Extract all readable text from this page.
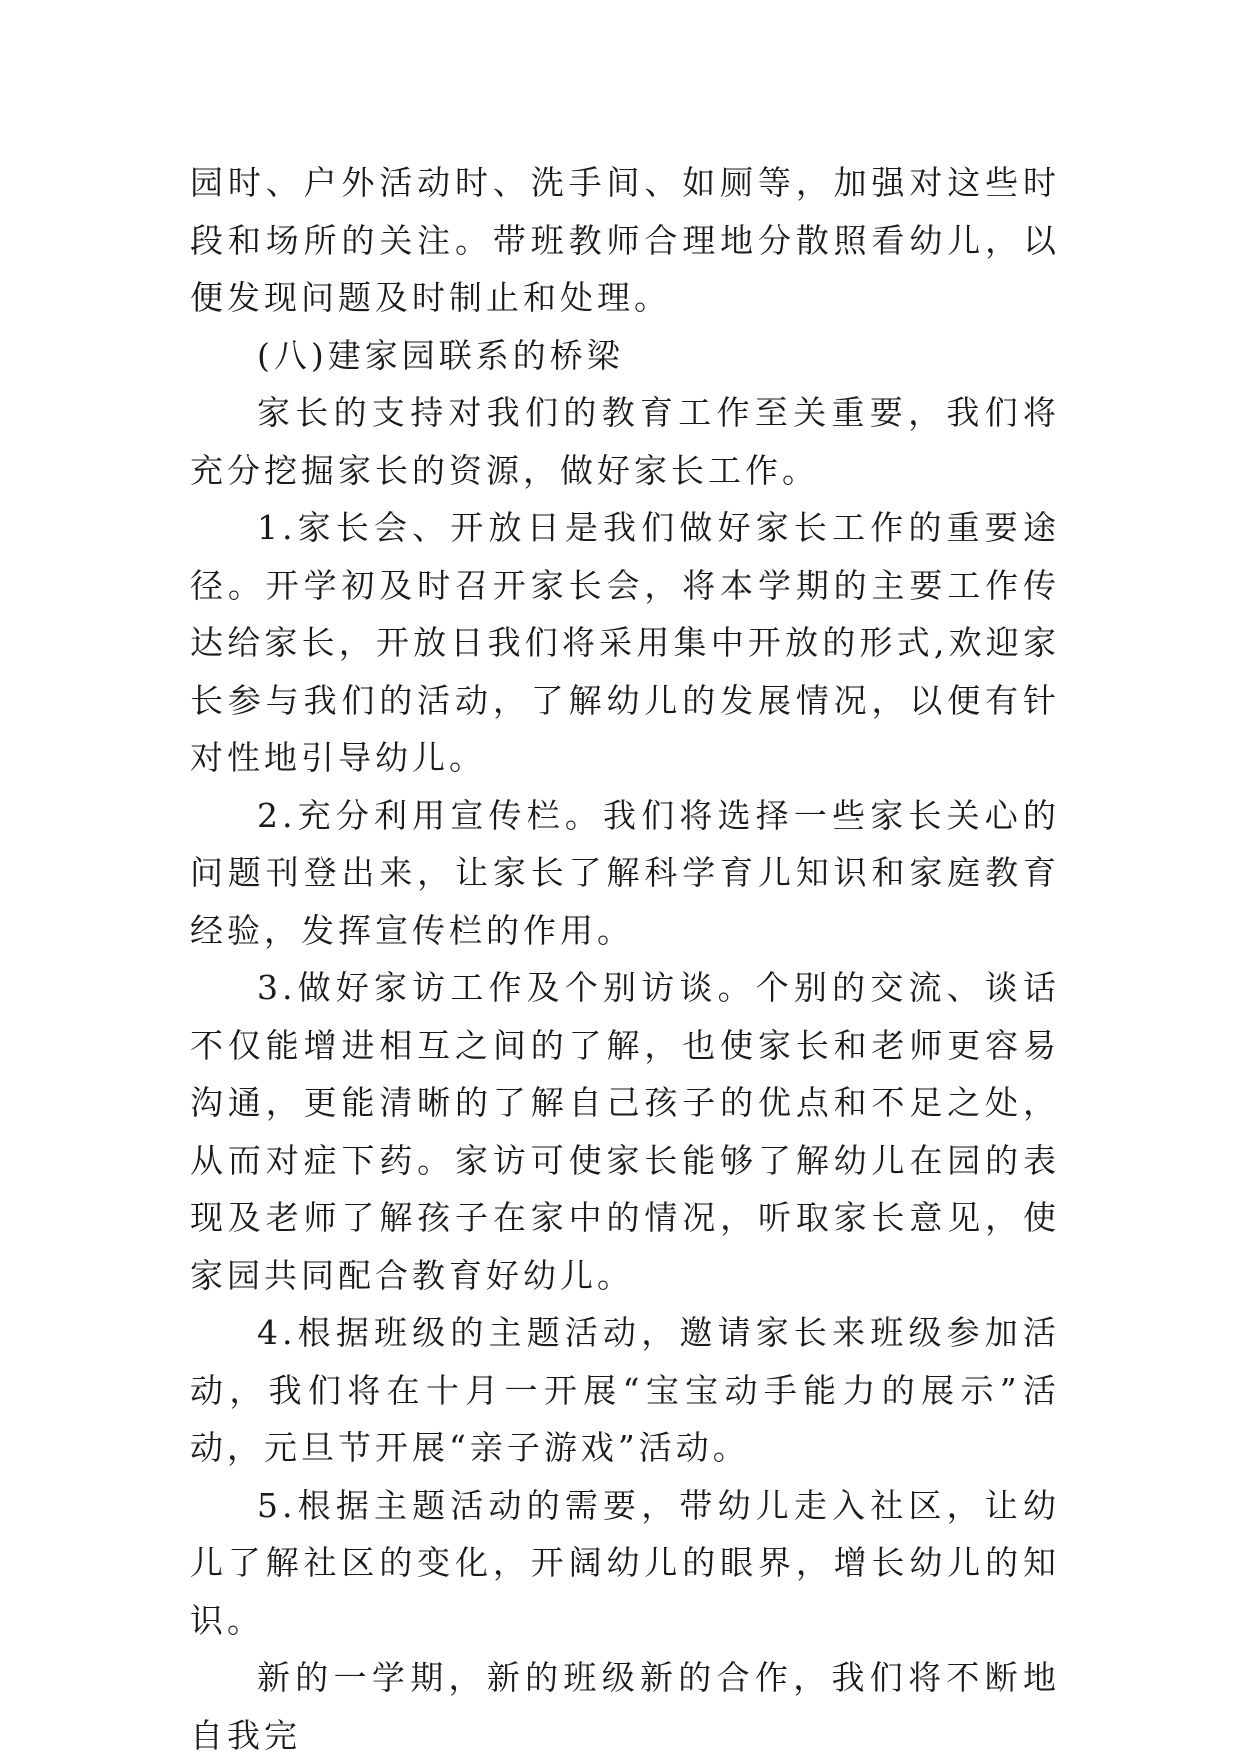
园时、户外活动时、洗手间、如厕等，加强对这些时段和场所的关注。带班教师合理地分散照看幼儿，以便发现问题及时制止和处理。

(八)建家园联系的桥梁

家长的支持对我们的教育工作至关重要，我们将充分挖掘家长的资源，做好家长工作。

1.家长会、开放日是我们做好家长工作的重要途径。开学初及时召开家长会，将本学期的主要工作传达给家长，开放日我们将采用集中开放的形式,欢迎家长参与我们的活动，了解幼儿的发展情况，以便有针对性地引导幼儿。

2.充分利用宣传栏。我们将选择一些家长关心的问题刊登出来，让家长了解科学育儿知识和家庭教育经验，发挥宣传栏的作用。

3.做好家访工作及个别访谈。个别的交流、谈话不仅能增进相互之间的了解，也使家长和老师更容易沟通，更能清晰的了解自己孩子的优点和不足之处，从而对症下药。家访可使家长能够了解幼儿在园的表现及老师了解孩子在家中的情况，听取家长意见，使家园共同配合教育好幼儿。

4.根据班级的主题活动，邀请家长来班级参加活动，我们将在十月一开展“宝宝动手能力的展示”活动，元旦节开展“亲子游戏”活动。

5.根据主题活动的需要，带幼儿走入社区，让幼儿了解社区的变化，开阔幼儿的眼界，增长幼儿的知识。

新的一学期，新的班级新的合作，我们将不断地自我完
